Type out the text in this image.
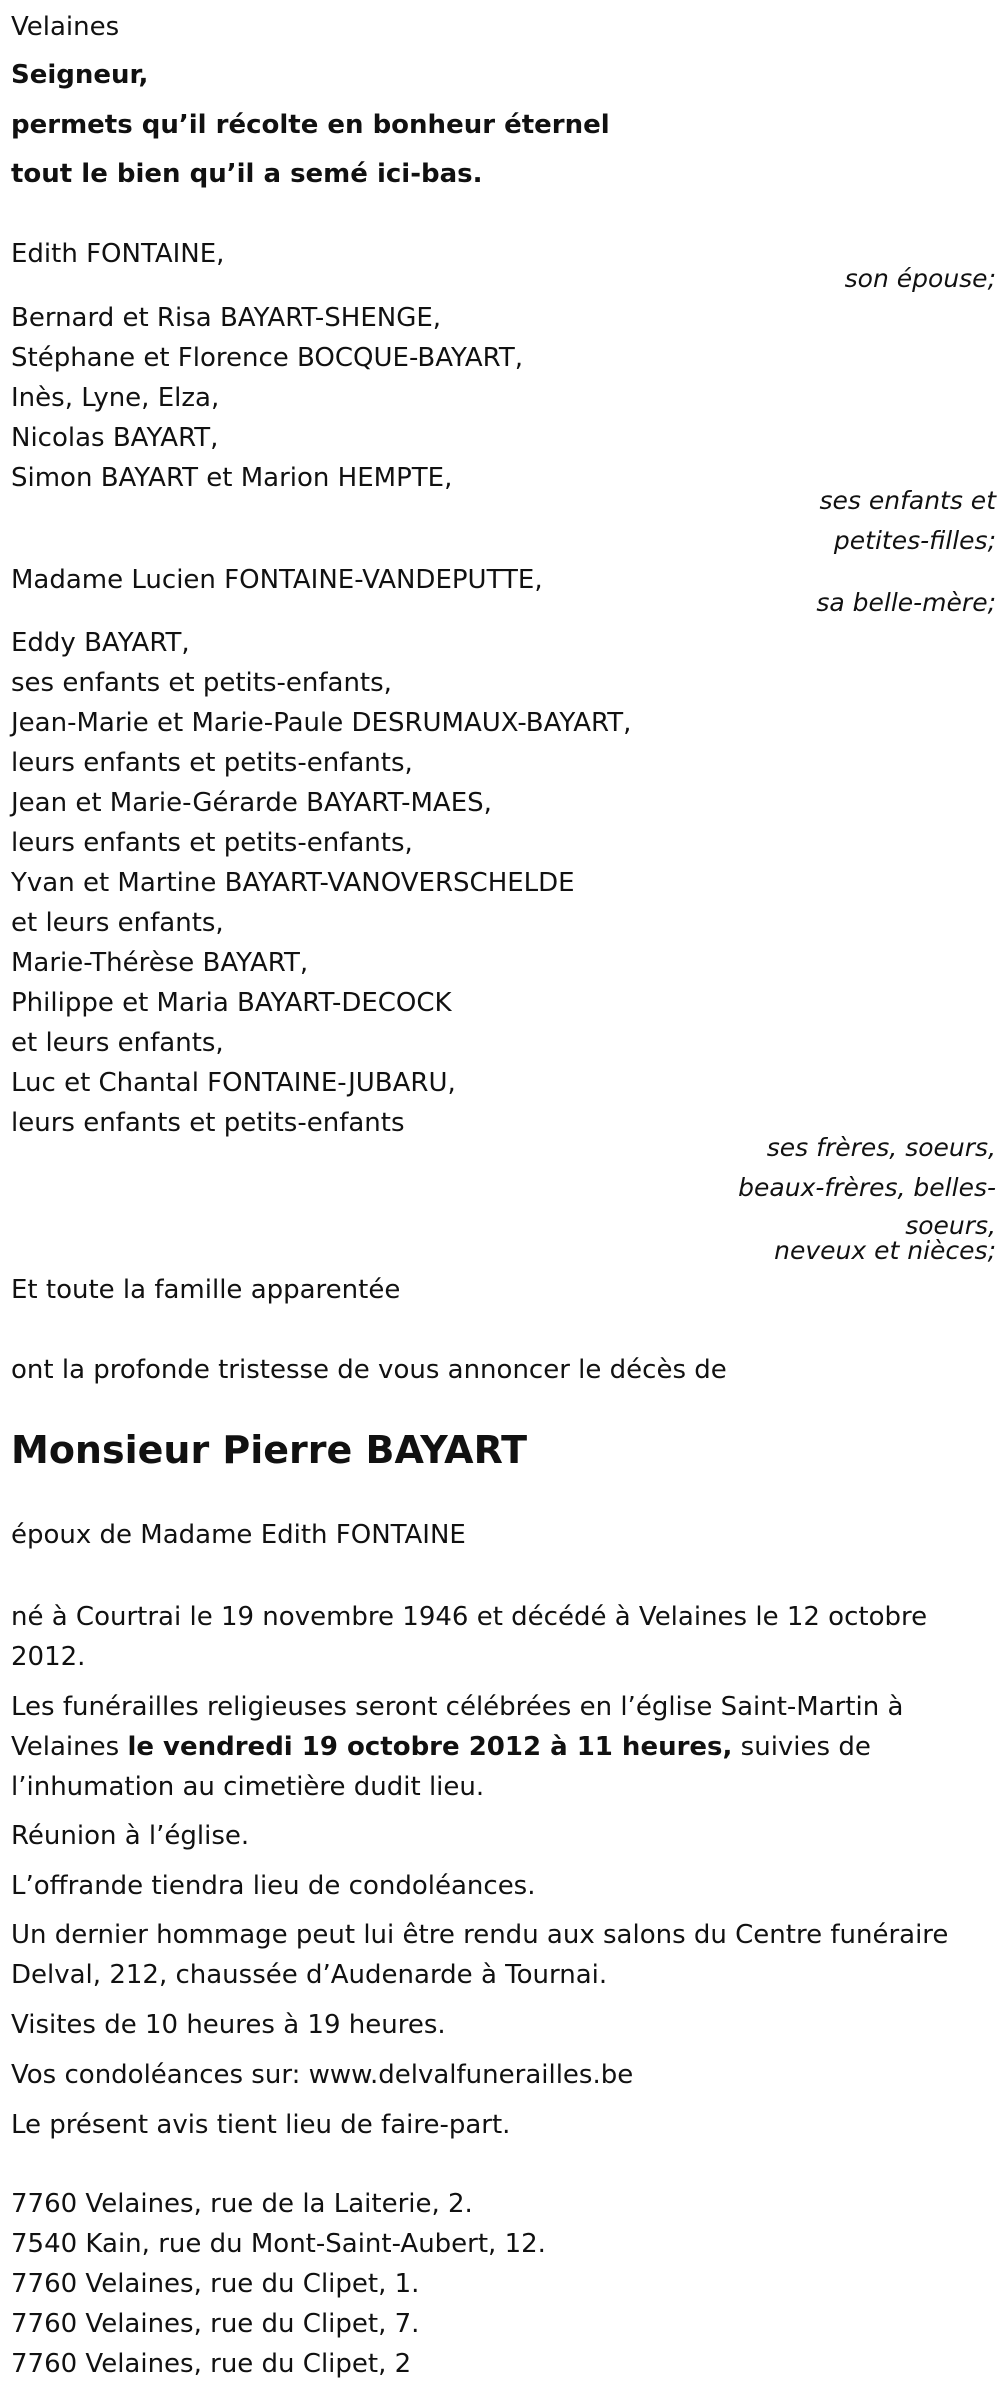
Velaines
Seigneur,
permets qu’il récolte en bonheur éternel
tout le bien qu’il a semé ici-bas.
Edith FONTAINE,
son épouse;
Bernard et Risa BAYART-SHENGE,
Stéphane et Florence BOCQUE-BAYART,
Inès, Lyne, Elza,
Nicolas BAYART,
Simon BAYART et Marion HEMPTE,
ses enfants et
petites-filles;
Madame Lucien FONTAINE-VANDEPUTTE,
sa belle-mère;
Eddy BAYART,
ses enfants et petits-enfants,
Jean-Marie et Marie-Paule DESRUMAUX-BAYART,
leurs enfants et petits-enfants,
Jean et Marie-Gérarde BAYART-MAES,
leurs enfants et petits-enfants,
Yvan et Martine BAYART-VANOVERSCHELDE
et leurs enfants,
Marie-Thérèse BAYART,
Philippe et Maria BAYART-DECOCK
et leurs enfants,
Luc et Chantal FONTAINE-JUBARU,
leurs enfants et petits-enfants
ses frères, soeurs,
beaux-frères, belles-
soeurs,
neveux et nièces;
Et toute la famille apparentée
ont la profonde tristesse de vous annoncer le décès de
Monsieur Pierre BAYART
époux de Madame Edith FONTAINE
né à Courtrai le 19 novembre 1946 et décédé à Velaines le 12 octobre 2012.
Les funérailles religieuses seront célébrées en l’église Saint-Martin à Velaines le vendredi 19 octobre 2012 à 11 heures, suivies de l’inhumation au cimetière dudit lieu.
Réunion à l’église.
L’offrande tiendra lieu de condoléances.
Un dernier hommage peut lui être rendu aux salons du Centre funéraire Delval, 212, chaussée d’Audenarde à Tournai.
Visites de 10 heures à 19 heures.
Vos condoléances sur: www.delvalfunerailles.be
Le présent avis tient lieu de faire-part.
7760 Velaines, rue de la Laiterie, 2.
7540 Kain, rue du Mont-Saint-Aubert, 12.
7760 Velaines, rue du Clipet, 1.
7760 Velaines, rue du Clipet, 7.
7760 Velaines, rue du Clipet, 2
